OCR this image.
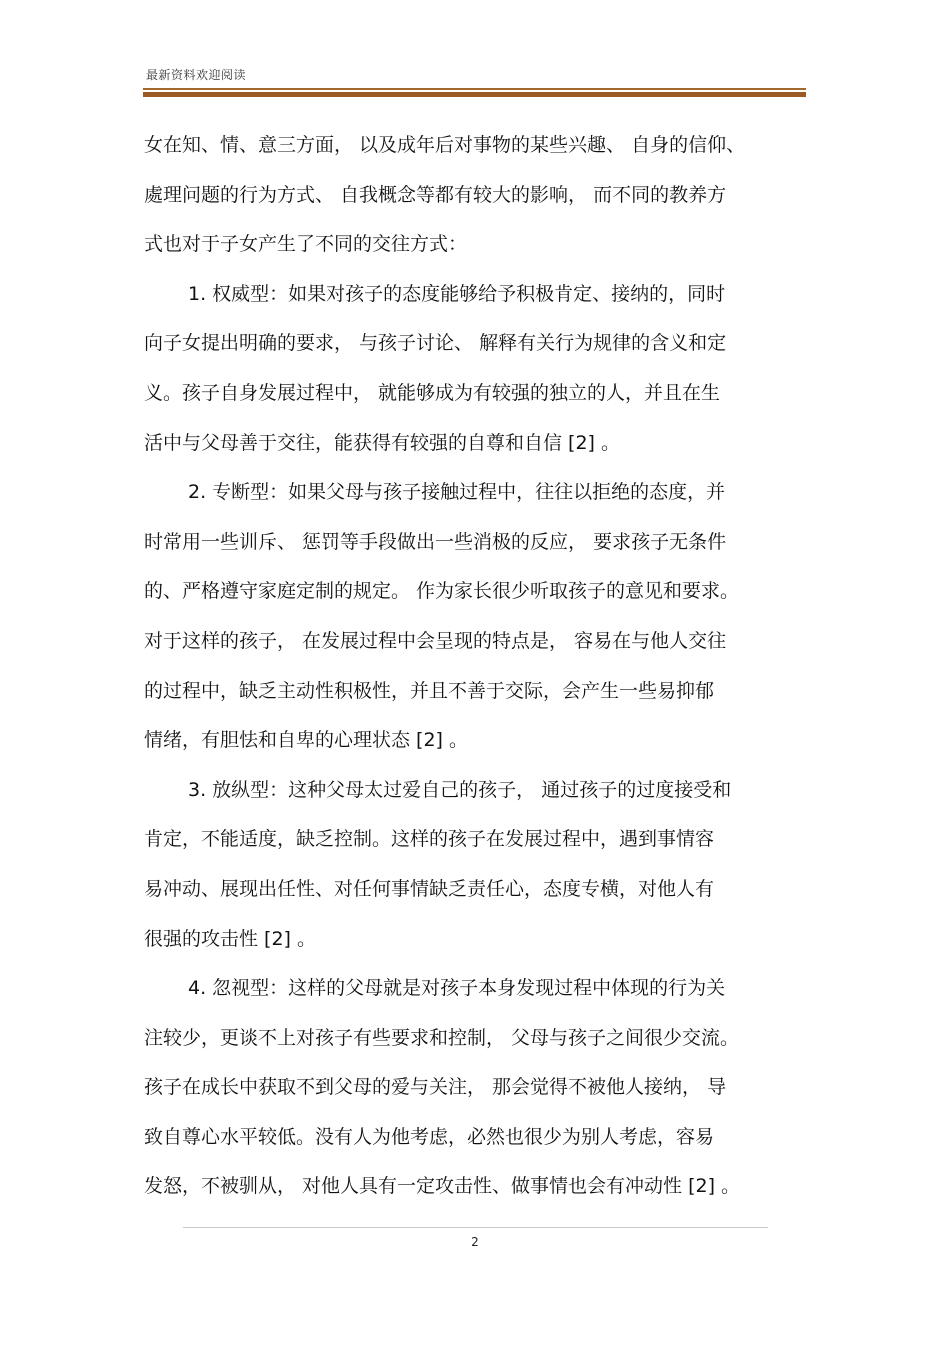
最新资料欢迎阅读
女在知、情、意三方面， 以及成年后对事物的某些兴趣、 自身的信仰、
處理问题的行为方式、 自我概念等都有较大的影响， 而不同的教养方
式也对于子女产生了不同的交往方式：
1. 权威型：如果对孩子的态度能够给予积极肯定、接纳的，同时
向子女提出明确的要求， 与孩子讨论、 解释有关行为规律的含义和定
义。孩子自身发展过程中， 就能够成为有较强的独立的人，并且在生
活中与父母善于交往，能获得有较强的自尊和自信 [2] 。
2. 专断型：如果父母与孩子接触过程中，往往以拒绝的态度，并
时常用一些训斥、 惩罚等手段做出一些消极的反应， 要求孩子无条件
的、严格遵守家庭定制的规定。 作为家长很少听取孩子的意见和要求。
对于这样的孩子， 在发展过程中会呈现的特点是， 容易在与他人交往
的过程中，缺乏主动性积极性，并且不善于交际，会产生一些易抑郁
情绪，有胆怯和自卑的心理状态 [2] 。
3. 放纵型：这种父母太过爱自己的孩子， 通过孩子的过度接受和
肯定，不能适度，缺乏控制。这样的孩子在发展过程中，遇到事情容
易冲动、展现出任性、对任何事情缺乏责任心，态度专横，对他人有
很强的攻击性 [2] 。
4. 忽视型：这样的父母就是对孩子本身发现过程中体现的行为关
注较少，更谈不上对孩子有些要求和控制， 父母与孩子之间很少交流。
孩子在成长中获取不到父母的爱与关注， 那会觉得不被他人接纳， 导
致自尊心水平较低。没有人为他考虑，必然也很少为别人考虑，容易
发怒，不被驯从， 对他人具有一定攻击性、做事情也会有冲动性 [2] 。
2
